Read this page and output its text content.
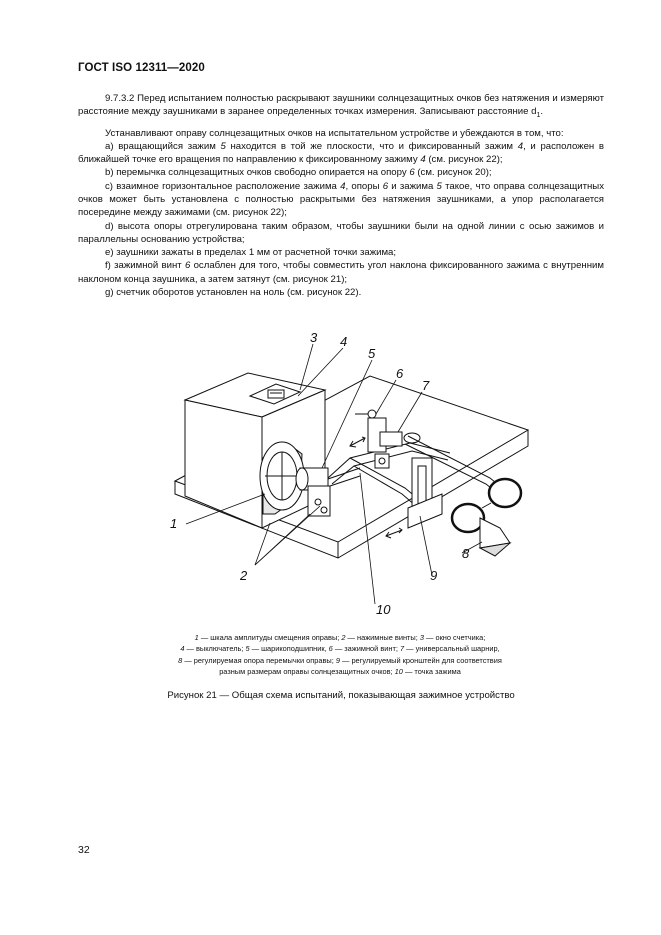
ГОСТ ISO 12311—2020

9.7.3.2 Перед испытанием полностью раскрывают заушники солнцезащитных очков без натяжения и измеряют расстояние между заушниками в заранее определенных точках измерения. Записывают расстояние $d_1$.

Устанавливают оправу солнцезащитных очков на испытательном устройстве и убеждаются в том, что:

а) вращающийся зажим 5 находится в той же плоскости, что и фиксированный зажим 4, и расположен в ближайшей точке его вращения по направлению к фиксированному зажиму 4 (см. рисунок 22);

b) перемычка солнцезащитных очков свободно опирается на опору 6 (см. рисунок 20);

с) взаимное горизонтальное расположение зажима 4, опоры 6 и зажима 5 такое, что оправа солнцезащитных очков может быть установлена с полностью раскрытыми без натяжения заушниками, а упор располагается посередине между зажимами (см. рисунок 22);

d) высота опоры отрегулирована таким образом, чтобы заушники были на одной линии с осью зажимов и параллельны основанию устройства;

е) заушники зажаты в пределах 1 мм от расчетной точки зажима;

f) зажимной винт 6 ослаблен для того, чтобы совместить угол наклона фиксированного зажима с внутренним наклоном конца заушника, а затем затянут (см. рисунок 21);

g) счетчик оборотов установлен на ноль (см. рисунок 22).

1
2
3 4
5
6
7
8
9
10
1 — шкала амплитуды смещения оправы; 2 — нажимные винты; 3 — окно счетчика;
4 — выключатель; 5 — шарикоподшипник, 6 — зажимной винт; 7 — универсальный шарнир,
8 — регулируемая опора перемычки оправы; 9 — регулируемый кронштейн для соответствия
разным размерам оправы солнцезащитных очков; 10 — точка зажима
Рисунок 21 — Общая схема испытаний, показывающая зажимное устройство
32
